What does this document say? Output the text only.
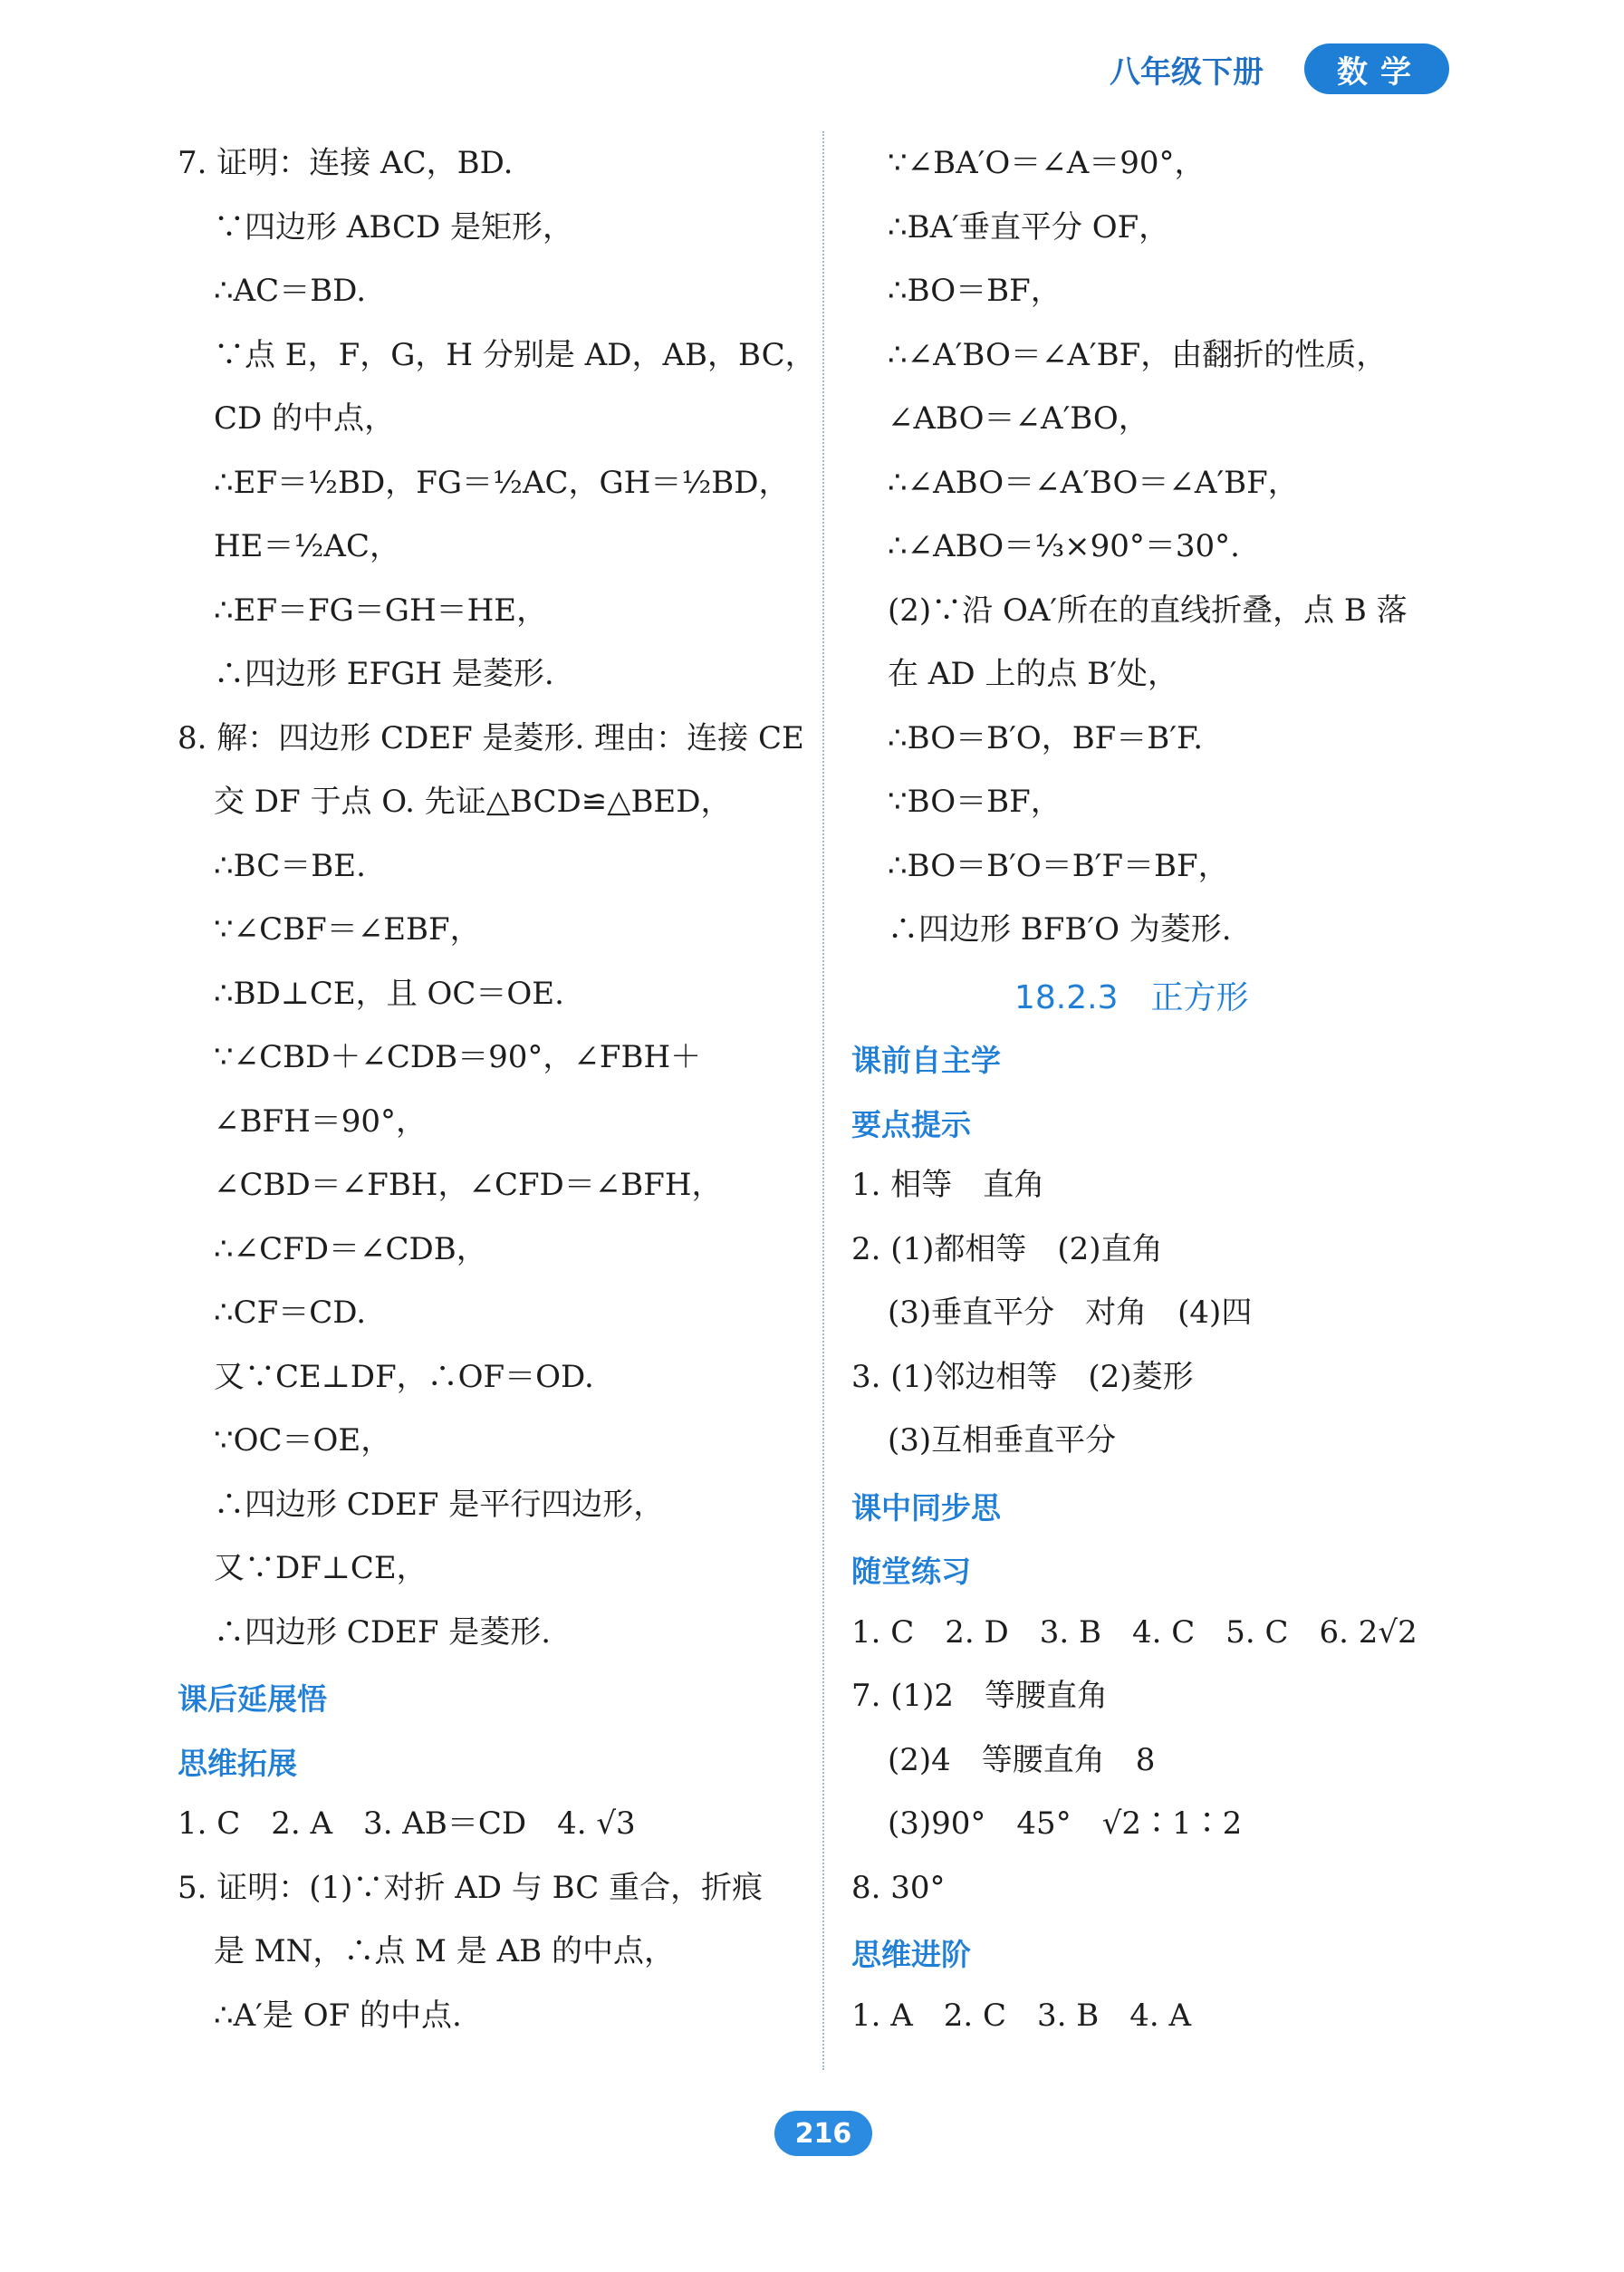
八年级下册	数学
7. 证明：连接 AC，BD.
∵四边形 ABCD 是矩形，
∴AC＝BD.
∵点 E，F，G，H 分别是 AD，AB，BC，
CD 的中点，
∴EF＝½BD，FG＝½AC，GH＝½BD，
HE＝½AC，
∴EF＝FG＝GH＝HE，
∴四边形 EFGH 是菱形.
8. 解：四边形 CDEF 是菱形. 理由：连接 CE
交 DF 于点 O. 先证△BCD≌△BED，
∴BC＝BE.
∵∠CBF＝∠EBF，
∴BD⊥CE，且 OC＝OE.
∵∠CBD＋∠CDB＝90°，∠FBH＋
∠BFH＝90°，
∠CBD＝∠FBH，∠CFD＝∠BFH，
∴∠CFD＝∠CDB，
∴CF＝CD.
又∵CE⊥DF，∴OF＝OD.
∵OC＝OE，
∴四边形 CDEF 是平行四边形，
又∵DF⊥CE，
∴四边形 CDEF 是菱形.
课后延展悟
思维拓展
1. C　2. A　3. AB＝CD　4. √3
5. 证明：(1)∵对折 AD 与 BC 重合，折痕
是 MN，∴点 M 是 AB 的中点，
∴A′是 OF 的中点.
∵∠BA′O＝∠A＝90°，
∴BA′垂直平分 OF，
∴BO＝BF，
∴∠A′BO＝∠A′BF，由翻折的性质，
∠ABO＝∠A′BO，
∴∠ABO＝∠A′BO＝∠A′BF，
∴∠ABO＝⅓×90°＝30°.
(2)∵沿 OA′所在的直线折叠，点 B 落
在 AD 上的点 B′处，
∴BO＝B′O，BF＝B′F.
∵BO＝BF，
∴BO＝B′O＝B′F＝BF，
∴四边形 BFB′O 为菱形.
18.2.3　正方形
课前自主学
要点提示
1. 相等　直角
2. (1)都相等　(2)直角
(3)垂直平分　对角　(4)四
3. (1)邻边相等　(2)菱形
(3)互相垂直平分
课中同步思
随堂练习
1. C　2. D　3. B　4. C　5. C　6. 2√2
7. (1)2　等腰直角
(2)4　等腰直角　8
(3)90°　45°　√2∶1∶2
8. 30°
思维进阶
1. A　2. C　3. B　4. A
216
